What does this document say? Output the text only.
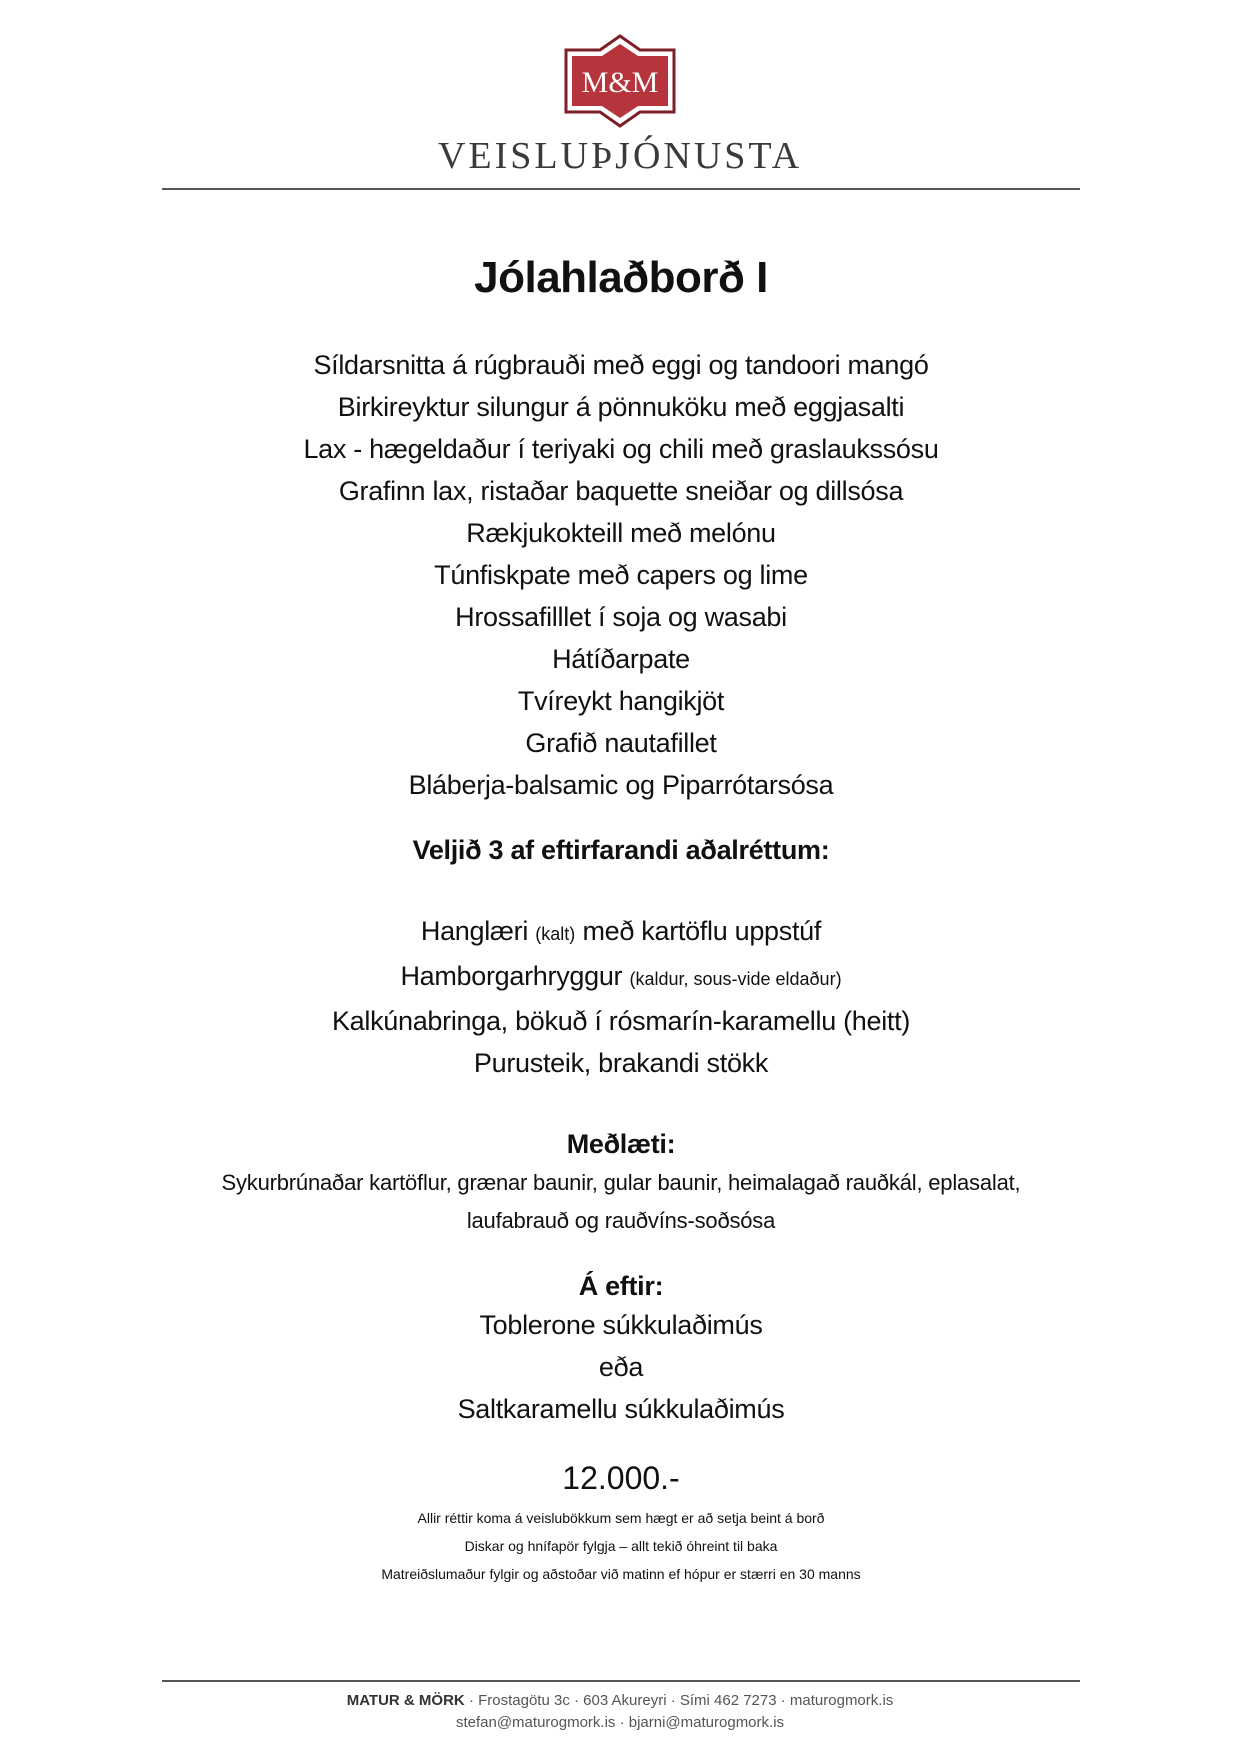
M&M
VEISLUÞJÓNUSTA
Jólahlaðborð I
Síldarsnitta á rúgbrauði með eggi og tandoori mangó
Birkireyktur silungur á pönnuköku með eggjasalti
Lax - hægeldaður í teriyaki og chili með graslaukssósu
Grafinn lax, ristaðar baquette sneiðar og dillsósa
Rækjukokteill með melónu
Túnfiskpate með capers og lime
Hrossafilllet í soja og wasabi
Hátíðarpate
Tvíreykt hangikjöt
Grafið nautafillet
Bláberja-balsamic og Piparrótarsósa

Veljið 3 af eftirfarandi aðalréttum:

Hanglæri (kalt) með kartöflu uppstúf
Hamborgarhryggur (kaldur, sous-vide eldaður)
Kalkúnabringa, bökuð í rósmarín-karamellu (heitt)
Purusteik, brakandi stökk

Meðlæti:

Sykurbrúnaðar kartöflur, grænar baunir, gular baunir, heimalagað rauðkál, eplasalat,
laufabrauð og rauðvíns-soðsósa

Á eftir:

Toblerone súkkulaðimús
eða
Saltkaramellu súkkulaðimús
12.000.-
Allir réttir koma á veislubökkum sem hægt er að setja beint á borð
Diskar og hnífapör fylgja – allt tekið óhreint til baka
Matreiðslumaður fylgir og aðstoðar við matinn ef hópur er stærri en 30 manns
MATUR & MÖRK · Frostagötu 3c · 603 Akureyri · Sími 462 7273 · maturogmork.is
stefan@maturogmork.is · bjarni@maturogmork.is
